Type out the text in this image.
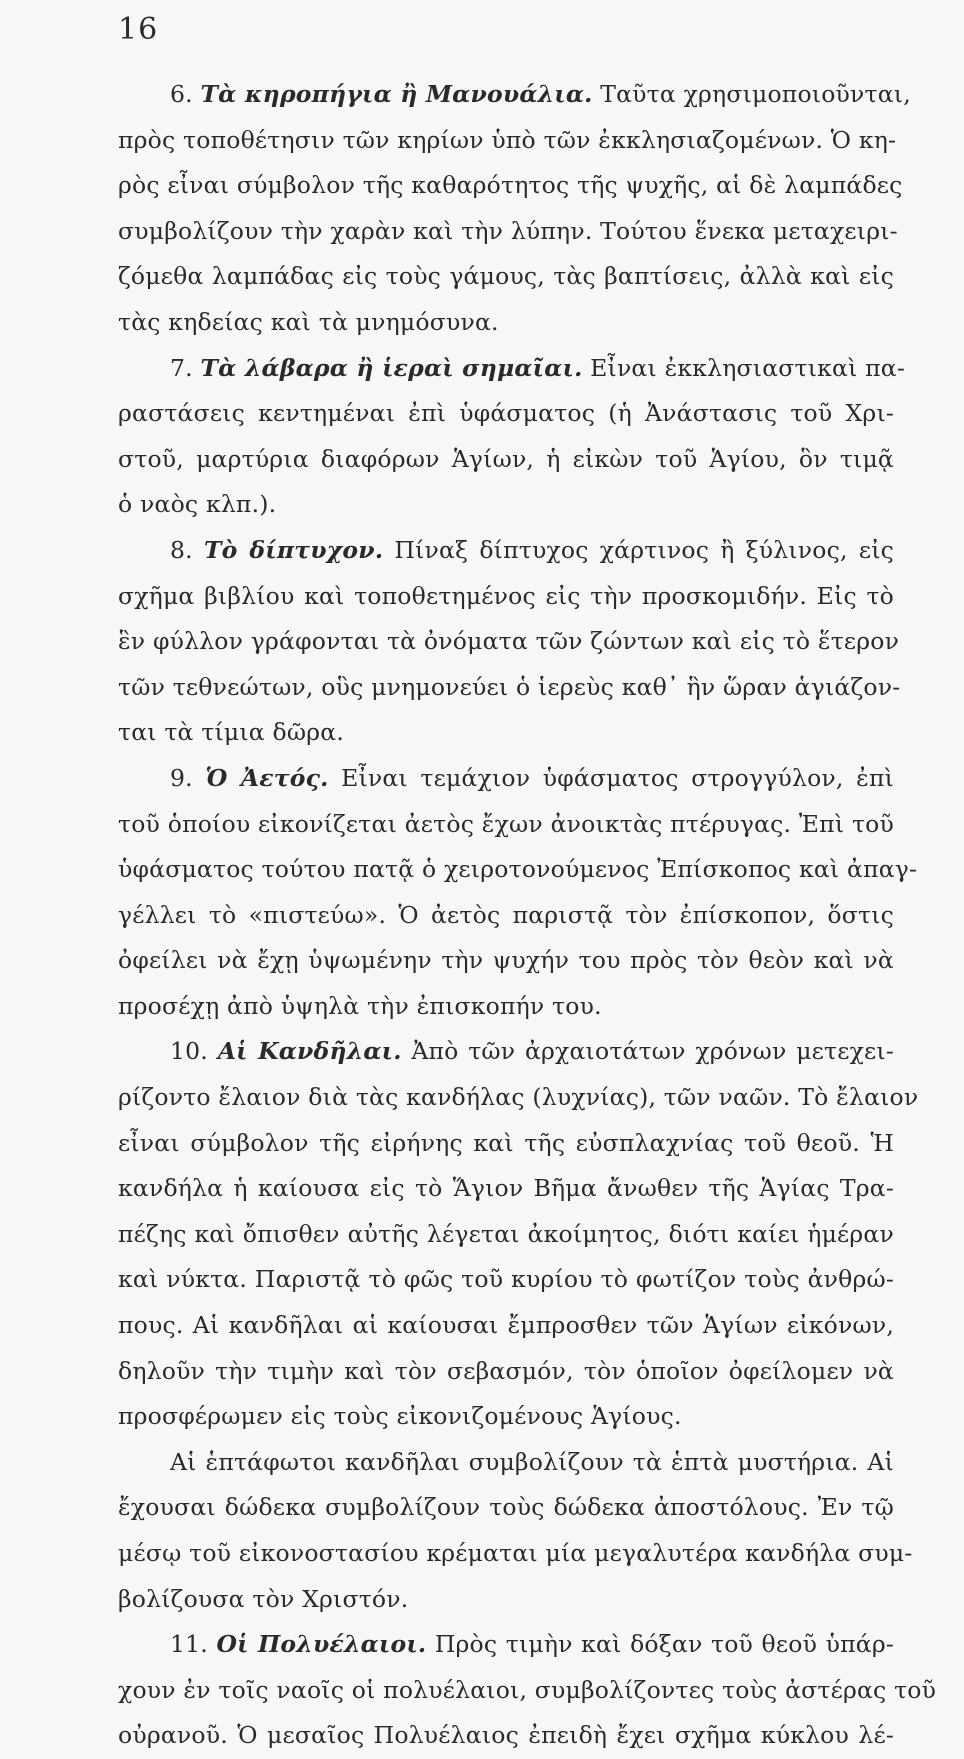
16
6. Τὰ κηροπήγια ἢ Μανουάλια. Ταῦτα χρησιμοποιοῦνται,
πρὸς τοποθέτησιν τῶν κηρίων ὑπὸ τῶν ἐκκλησιαζομένων. Ὁ κη-
ρὸς εἶναι σύμβολον τῆς καθαρότητος τῆς ψυχῆς, αἱ δὲ λαμπάδες
συμβολίζουν τὴν χαρὰν καὶ τὴν λύπην. Τούτου ἕνεκα μεταχειρι-
ζόμεθα λαμπάδας εἰς τοὺς γάμους, τὰς βαπτίσεις, ἀλλὰ καὶ εἰς
τὰς κηδείας καὶ τὰ μνημόσυνα.
7. Τὰ λάβαρα ἢ ἱεραὶ σημαῖαι. Εἶναι ἐκκλησιαστικαὶ πα-
ραστάσεις κεντημέναι ἐπὶ ὑφάσματος (ἡ Ἀνάστασις τοῦ Χρι-
στοῦ, μαρτύρια διαφόρων Ἁγίων, ἡ εἰκὼν τοῦ Ἁγίου, ὃν τιμᾷ
ὁ ναὸς κλπ.).
8. Τὸ δίπτυχον. Πίναξ δίπτυχος χάρτινος ἢ ξύλινος, εἰς
σχῆμα βιβλίου καὶ τοποθετημένος εἰς τὴν προσκομιδήν. Εἰς τὸ
ἓν φύλλον γράφονται τὰ ὀνόματα τῶν ζώντων καὶ εἰς τὸ ἕτερον
τῶν τεθνεώτων, οὓς μνημονεύει ὁ ἱερεὺς καθ᾽ ἣν ὥραν ἁγιάζον-
ται τὰ τίμια δῶρα.
9. Ὁ Ἀετός. Εἶναι τεμάχιον ὑφάσματος στρογγύλον, ἐπὶ
τοῦ ὁποίου εἰκονίζεται ἀετὸς ἔχων ἀνοικτὰς πτέρυγας. Ἐπὶ τοῦ
ὑφάσματος τούτου πατᾷ ὁ χειροτονούμενος Ἐπίσκοπος καὶ ἀπαγ-
γέλλει τὸ «πιστεύω». Ὁ ἀετὸς παριστᾷ τὸν ἐπίσκοπον, ὅστις
ὀφείλει νὰ ἔχῃ ὑψωμένην τὴν ψυχήν του πρὸς τὸν θεὸν καὶ νὰ
προσέχῃ ἀπὸ ὑψηλὰ τὴν ἐπισκοπήν του.
10. Αἱ Κανδῆλαι. Ἀπὸ τῶν ἀρχαιοτάτων χρόνων μετεχει-
ρίζοντο ἔλαιον διὰ τὰς κανδήλας (λυχνίας), τῶν ναῶν. Τὸ ἔλαιον
εἶναι σύμβολον τῆς εἰρήνης καὶ τῆς εὐσπλαχνίας τοῦ θεοῦ. Ἡ
κανδήλα ἡ καίουσα εἰς τὸ Ἅγιον Βῆμα ἄνωθεν τῆς Ἁγίας Τρα-
πέζης καὶ ὄπισθεν αὐτῆς λέγεται ἀκοίμητος, διότι καίει ἡμέραν
καὶ νύκτα. Παριστᾷ τὸ φῶς τοῦ κυρίου τὸ φωτίζον τοὺς ἀνθρώ-
πους. Αἱ κανδῆλαι αἱ καίουσαι ἔμπροσθεν τῶν Ἁγίων εἰκόνων,
δηλοῦν τὴν τιμὴν καὶ τὸν σεβασμόν, τὸν ὁποῖον ὀφείλομεν νὰ
προσφέρωμεν εἰς τοὺς εἰκονιζομένους Ἁγίους.
Αἱ ἑπτάφωτοι κανδῆλαι συμβολίζουν τὰ ἑπτὰ μυστήρια. Αἱ
ἔχουσαι δώδεκα συμβολίζουν τοὺς δώδεκα ἀποστόλους. Ἐν τῷ
μέσῳ τοῦ εἰκονοστασίου κρέμαται μία μεγαλυτέρα κανδήλα συμ-
βολίζουσα τὸν Χριστόν.
11. Οἱ Πολυέλαιοι. Πρὸς τιμὴν καὶ δόξαν τοῦ θεοῦ ὑπάρ-
χουν ἐν τοῖς ναοῖς οἱ πολυέλαιοι, συμβολίζοντες τοὺς ἀστέρας τοῦ
οὐρανοῦ. Ὁ μεσαῖος Πολυέλαιος ἐπειδὴ ἔχει σχῆμα κύκλου λέ-
